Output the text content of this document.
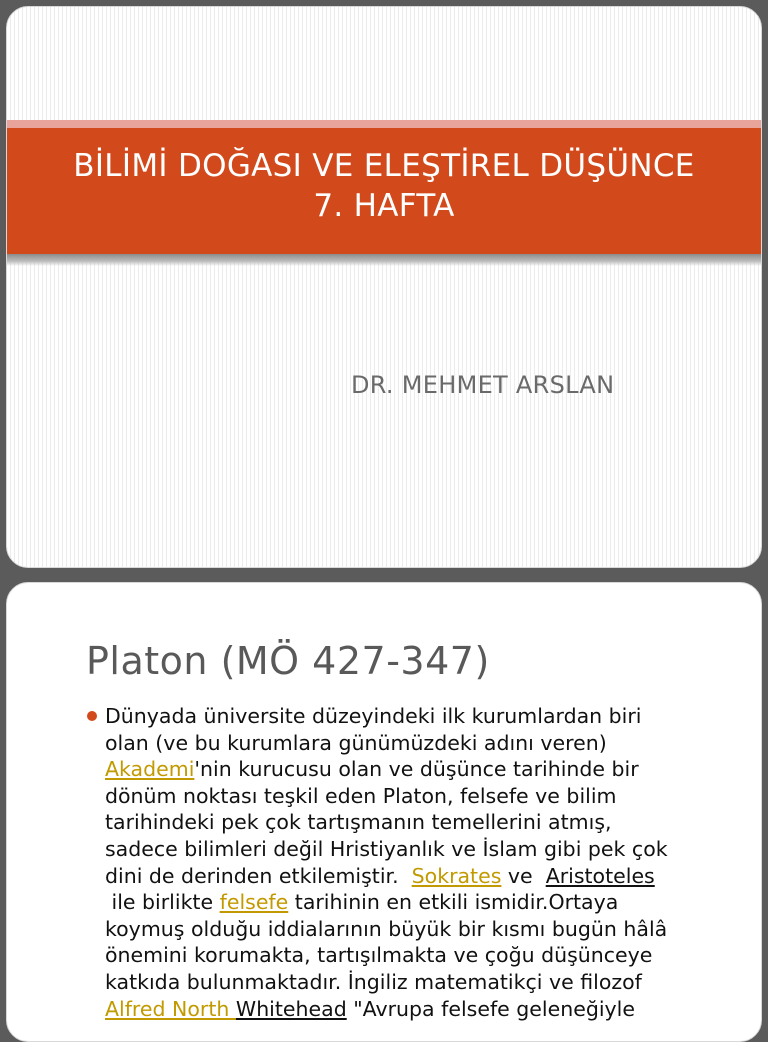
BİLİMİ DOĞASI VE ELEŞTİREL DÜŞÜNCE
7. HAFTA
DR. MEHMET ARSLAN
Platon (MÖ 427-347)
Dünyada üniversite düzeyindeki ilk kurumlardan biri
olan (ve bu kurumlara günümüzdeki adını veren)
Akademi'nin kurucusu olan ve düşünce tarihinde bir
dönüm noktası teşkil eden Platon, felsefe ve bilim
tarihindeki pek çok tartışmanın temellerini atmış,
sadece bilimleri değil Hristiyanlık ve İslam gibi pek çok
dini de derinden etkilemiştir.  Sokrates ve  Aristoteles
ile birlikte felsefe tarihinin en etkili ismidir.Ortaya
koymuş olduğu iddialarının büyük bir kısmı bugün hâlâ
önemini korumakta, tartışılmakta ve çoğu düşünceye
katkıda bulunmaktadır. İngiliz matematikçi ve filozof
Alfred North Whitehead "Avrupa felsefe geleneğiyle
